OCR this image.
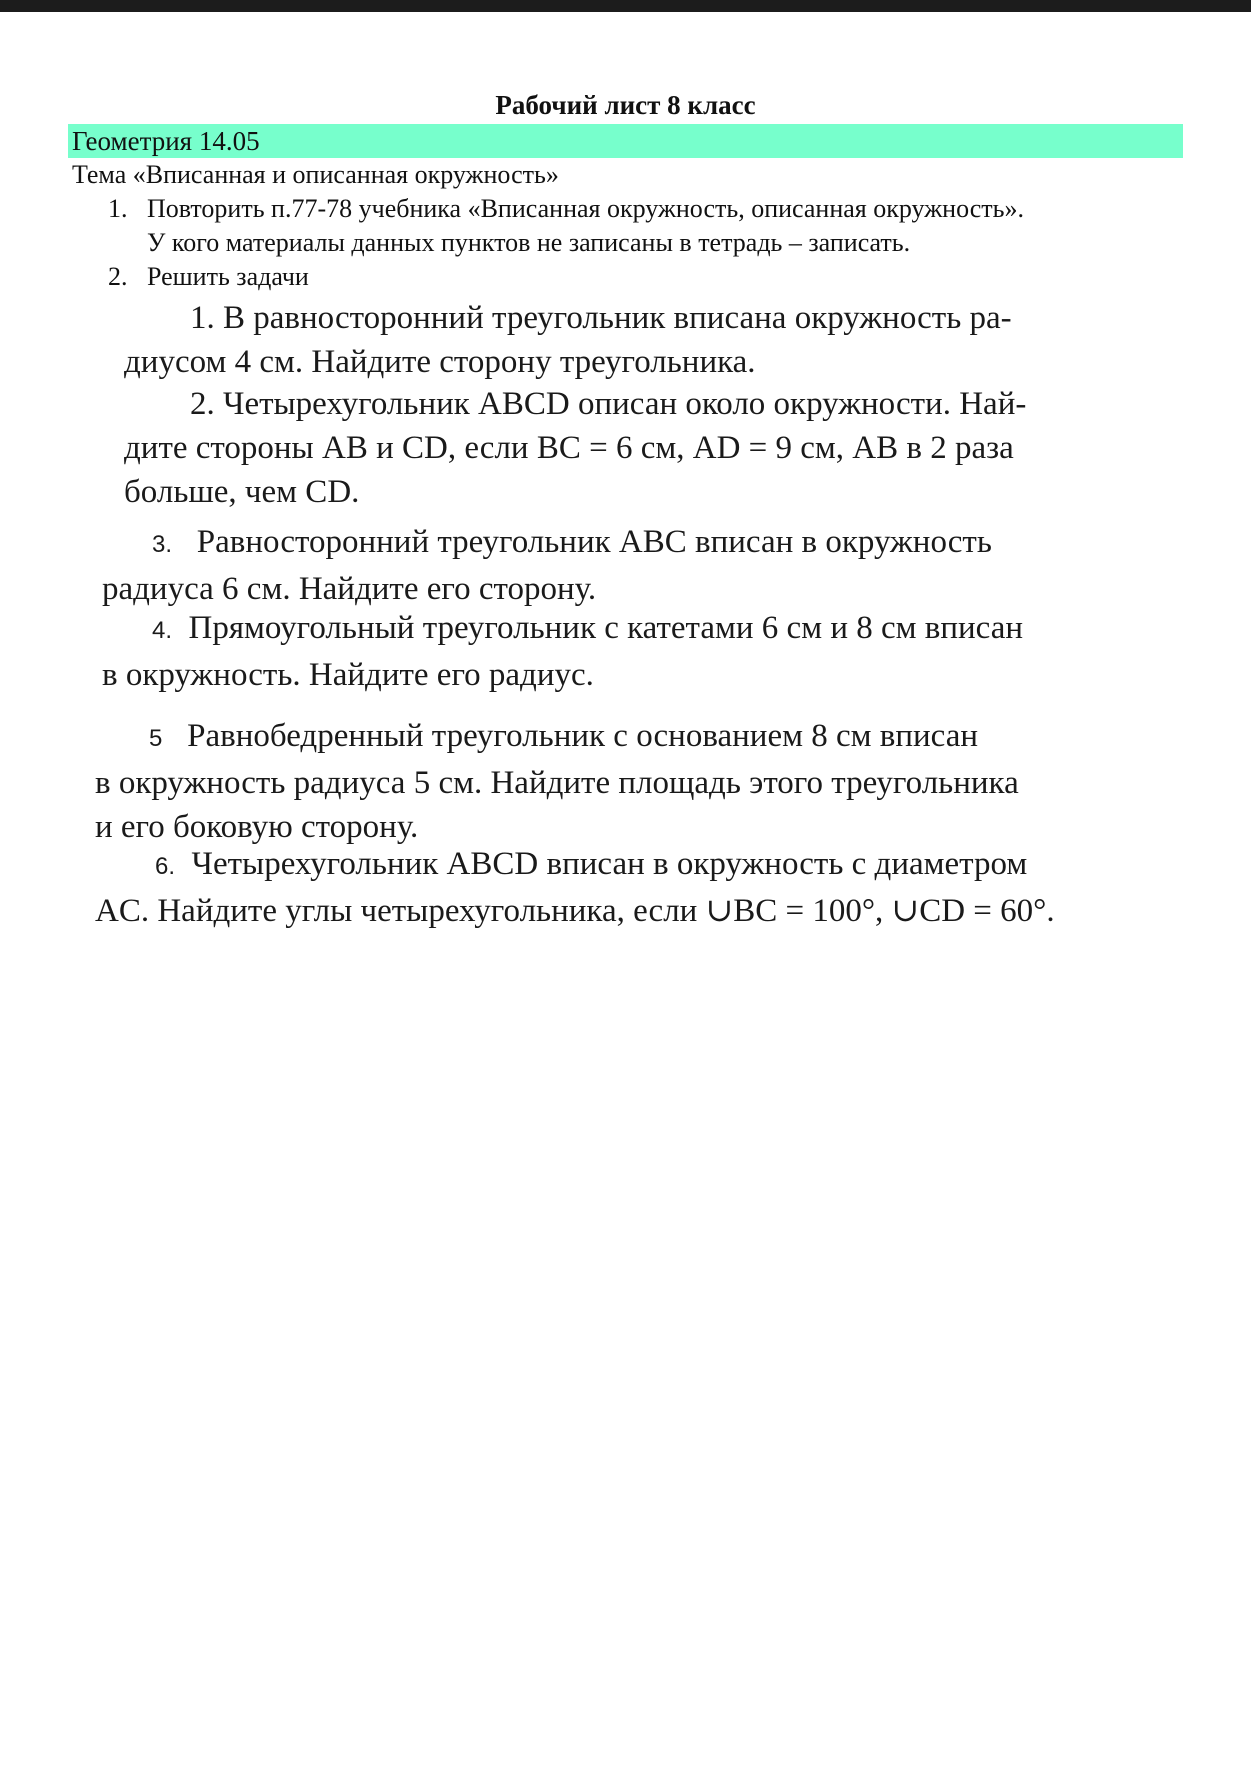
Рабочий лист 8 класс
Геометрия 14.05
Тема «Вписанная и описанная окружность»
1. Повторить п.77-78 учебника «Вписанная окружность, описанная окружность».
У кого материалы данных пунктов не записаны в тетрадь – записать.
2. Решить задачи
1. В равносторонний треугольник вписана окружность ра-
диусом 4 см. Найдите сторону треугольника.
2. Четырехугольник ABCD описан около окружности. Най-
дите стороны AB и CD, если BC = 6 см, AD = 9 см, AB в 2 раза
больше, чем CD.
3. Равносторонний треугольник ABC вписан в окружность
радиуса 6 см. Найдите его сторону.
4. Прямоугольный треугольник с катетами 6 см и 8 см вписан
в окружность. Найдите его радиус.
5 Равнобедренный треугольник с основанием 8 см вписан
в окружность радиуса 5 см. Найдите площадь этого треугольника
и его боковую сторону.
6. Четырехугольник ABCD вписан в окружность с диаметром
AC. Найдите углы четырехугольника, если ∪BC = 100°, ∪CD = 60°.
